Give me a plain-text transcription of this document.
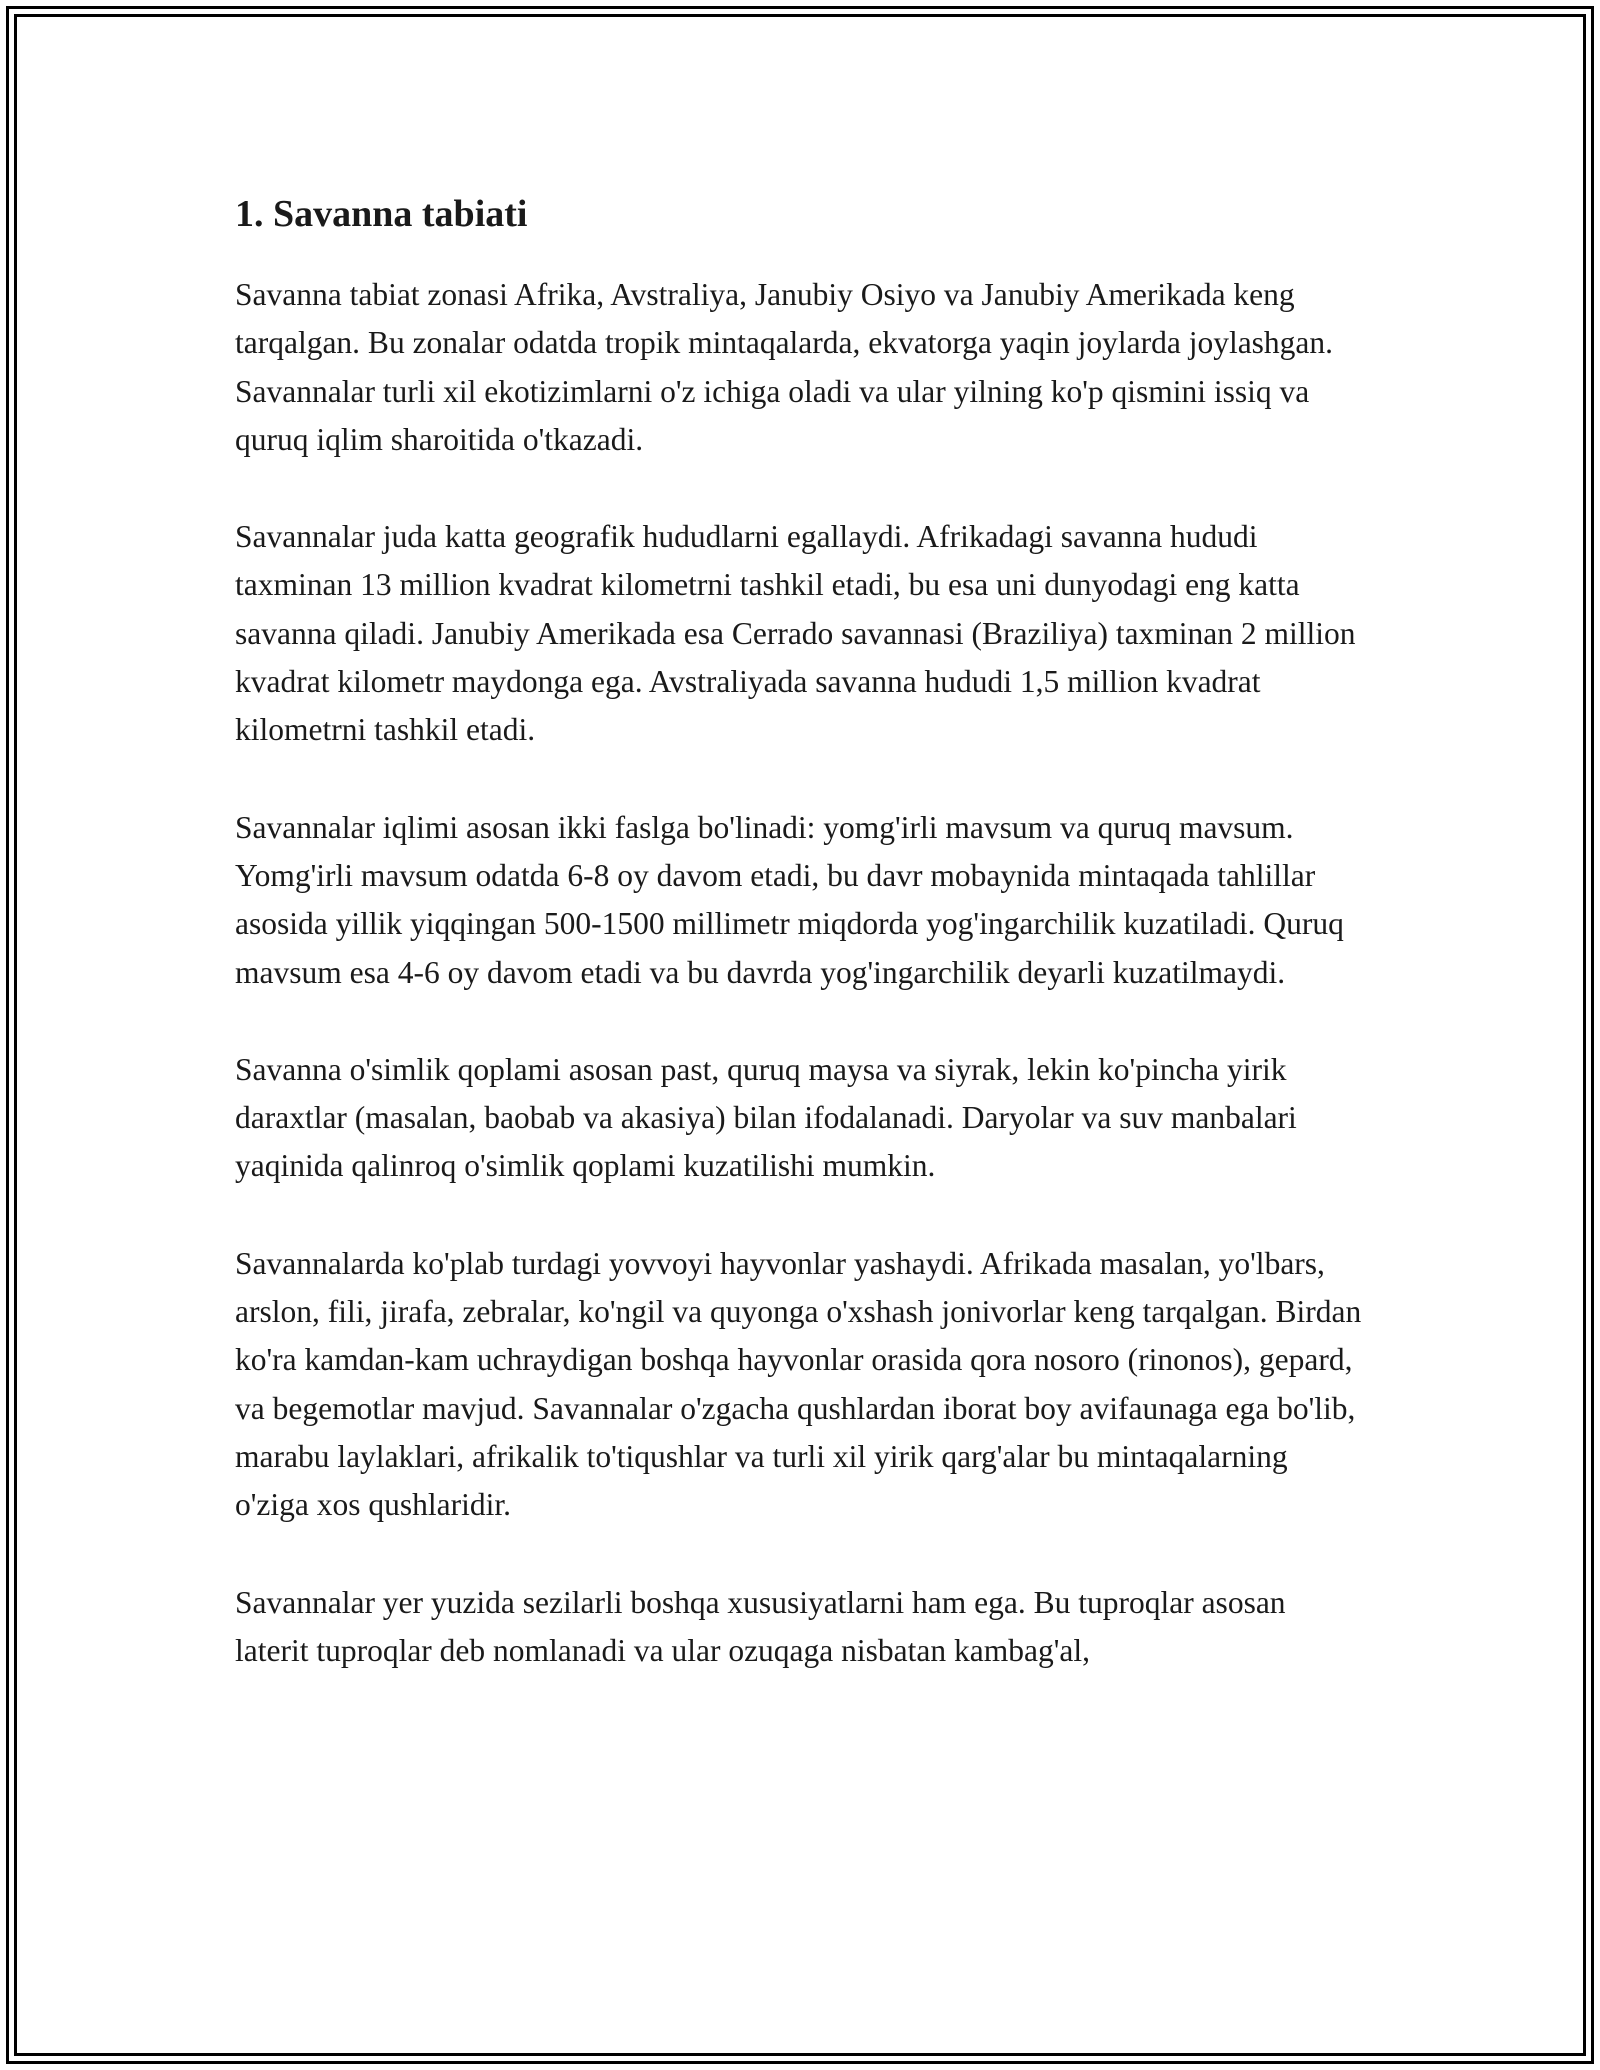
1. Savanna tabiati

Savanna tabiat zonasi Afrika, Avstraliya, Janubiy Osiyo va Janubiy Amerikada keng tarqalgan. Bu zonalar odatda tropik mintaqalarda, ekvatorga yaqin joylarda joylashgan. Savannalar turli xil ekotizimlarni o'z ichiga oladi va ular yilning ko'p qismini issiq va quruq iqlim sharoitida o'tkazadi.

Savannalar juda katta geografik hududlarni egallaydi. Afrikadagi savanna hududi taxminan 13 million kvadrat kilometrni tashkil etadi, bu esa uni dunyodagi eng katta savanna qiladi. Janubiy Amerikada esa Cerrado savannasi (Braziliya) taxminan 2 million kvadrat kilometr maydonga ega. Avstraliyada savanna hududi 1,5 million kvadrat kilometrni tashkil etadi.

Savannalar iqlimi asosan ikki faslga bo'linadi: yomg'irli mavsum va quruq mavsum. Yomg'irli mavsum odatda 6-8 oy davom etadi, bu davr mobaynida mintaqada tahlillar asosida yillik yiqqingan 500-1500 millimetr miqdorda yog'ingarchilik kuzatiladi. Quruq mavsum esa 4-6 oy davom etadi va bu davrda yog'ingarchilik deyarli kuzatilmaydi.

Savanna o'simlik qoplami asosan past, quruq maysa va siyrak, lekin ko'pincha yirik daraxtlar (masalan, baobab va akasiya) bilan ifodalanadi. Daryolar va suv manbalari yaqinida qalinroq o'simlik qoplami kuzatilishi mumkin.

Savannalarda ko'plab turdagi yovvoyi hayvonlar yashaydi. Afrikada masalan, yo'lbars, arslon, fili, jirafa, zebralar, ko'ngil va quyonga o'xshash jonivorlar keng tarqalgan. Birdan ko'ra kamdan-kam uchraydigan boshqa hayvonlar orasida qora nosoro (rinonos), gepard, va begemotlar mavjud. Savannalar o'zgacha qushlardan iborat boy avifaunaga ega bo'lib, marabu laylaklari, afrikalik to'tiqushlar va turli xil yirik qarg'alar bu mintaqalarning o'ziga xos qushlaridir.

Savannalar yer yuzida sezilarli boshqa xususiyatlarni ham ega. Bu tuproqlar asosan laterit tuproqlar deb nomlanadi va ular ozuqaga nisbatan kambag'al,
